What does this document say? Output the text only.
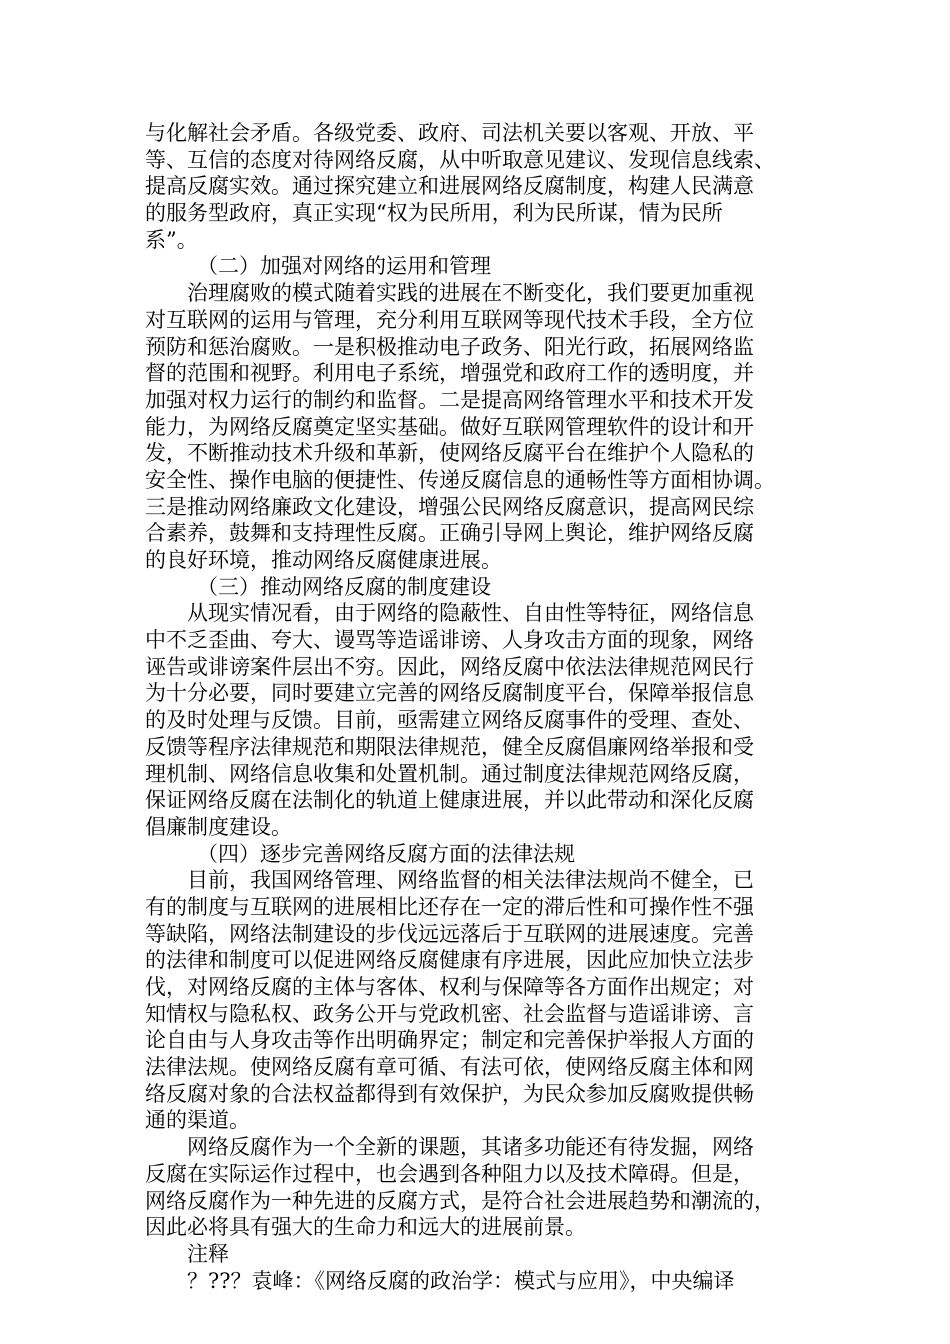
与化解社会矛盾。各级党委、政府、司法机关要以客观、开放、平
等、互信的态度对待网络反腐，从中听取意见建议、发现信息线索、
提高反腐实效。通过探究建立和进展网络反腐制度，构建人民满意
的服务型政府，真正实现“权为民所用，利为民所谋，情为民所
系”。
（二）加强对网络的运用和管理
治理腐败的模式随着实践的进展在不断变化，我们要更加重视
对互联网的运用与管理，充分利用互联网等现代技术手段，全方位
预防和惩治腐败。一是积极推动电子政务、阳光行政，拓展网络监
督的范围和视野。利用电子系统，增强党和政府工作的透明度，并
加强对权力运行的制约和监督。二是提高网络管理水平和技术开发
能力，为网络反腐奠定坚实基础。做好互联网管理软件的设计和开
发，不断推动技术升级和革新，使网络反腐平台在维护个人隐私的
安全性、操作电脑的便捷性、传递反腐信息的通畅性等方面相协调。
三是推动网络廉政文化建设，增强公民网络反腐意识，提高网民综
合素养，鼓舞和支持理性反腐。正确引导网上舆论，维护网络反腐
的良好环境，推动网络反腐健康进展。
（三）推动网络反腐的制度建设
从现实情况看，由于网络的隐蔽性、自由性等特征，网络信息
中不乏歪曲、夸大、谩骂等造谣诽谤、人身攻击方面的现象，网络
诬告或诽谤案件层出不穷。因此，网络反腐中依法法律规范网民行
为十分必要，同时要建立完善的网络反腐制度平台，保障举报信息
的及时处理与反馈。目前，亟需建立网络反腐事件的受理、查处、
反馈等程序法律规范和期限法律规范，健全反腐倡廉网络举报和受
理机制、网络信息收集和处置机制。通过制度法律规范网络反腐，
保证网络反腐在法制化的轨道上健康进展，并以此带动和深化反腐
倡廉制度建设。
（四）逐步完善网络反腐方面的法律法规
目前，我国网络管理、网络监督的相关法律法规尚不健全，已
有的制度与互联网的进展相比还存在一定的滞后性和可操作性不强
等缺陷，网络法制建设的步伐远远落后于互联网的进展速度。完善
的法律和制度可以促进网络反腐健康有序进展，因此应加快立法步
伐，对网络反腐的主体与客体、权利与保障等各方面作出规定；对
知情权与隐私权、政务公开与党政机密、社会监督与造谣诽谤、言
论自由与人身攻击等作出明确界定；制定和完善保护举报人方面的
法律法规。使网络反腐有章可循、有法可依，使网络反腐主体和网
络反腐对象的合法权益都得到有效保护，为民众参加反腐败提供畅
通的渠道。
网络反腐作为一个全新的课题，其诸多功能还有待发掘，网络
反腐在实际运作过程中，也会遇到各种阻力以及技术障碍。但是，
网络反腐作为一种先进的反腐方式，是符合社会进展趋势和潮流的，
因此必将具有强大的生命力和远大的进展前景。
注释
？??？袁峰：《网络反腐的政治学：模式与应用》，中央编译
